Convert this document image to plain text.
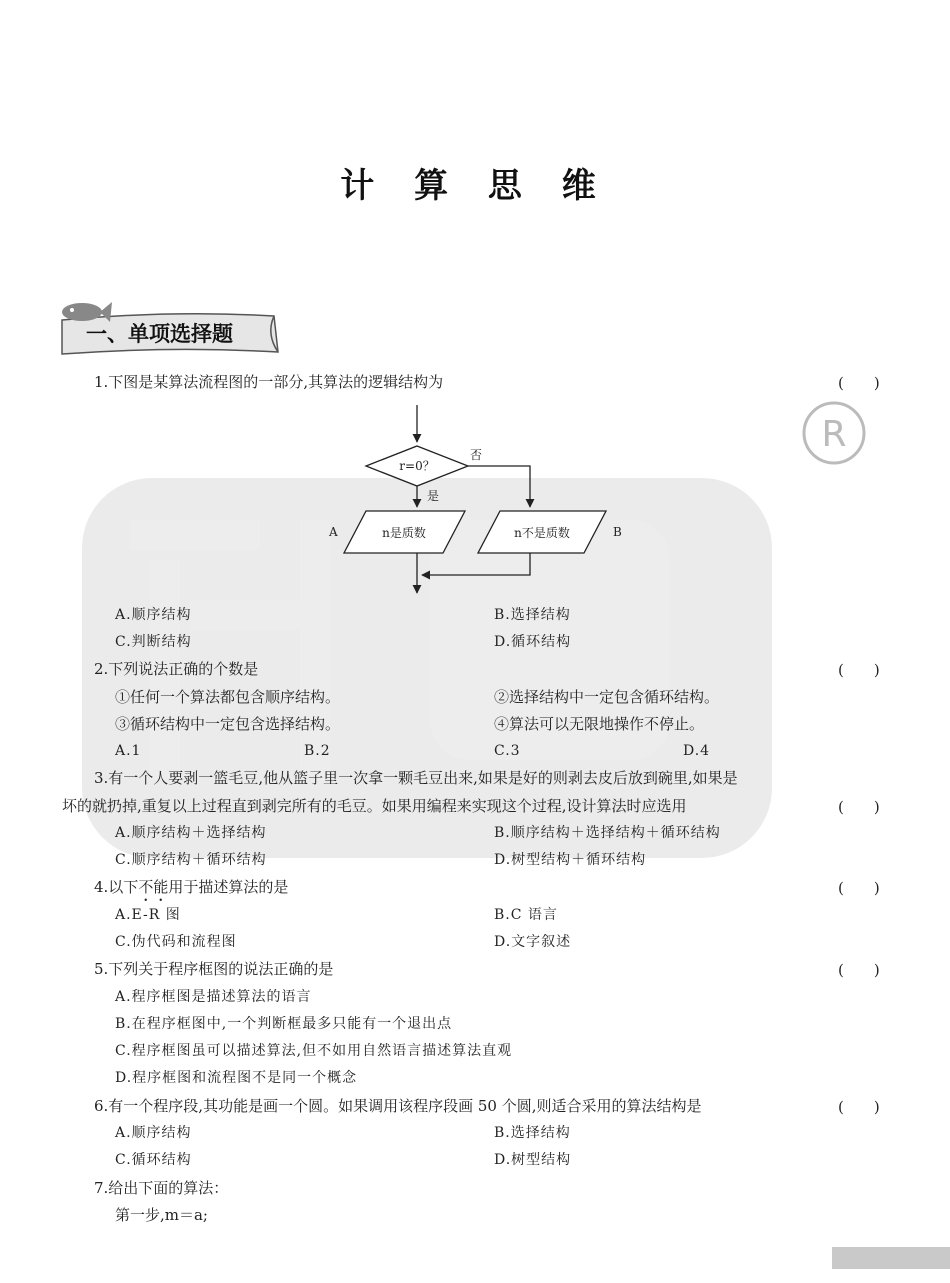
R
计 算 思 维
一、单项选择题
1.下图是某算法流程图的一部分,其算法的逻辑结构为	(　　)
r=0？
否
是
n是质数	n不是质数
A	B
A.顺序结构	B.选择结构
C.判断结构	D.循环结构
2.下列说法正确的个数是	(　　)
①任何一个算法都包含顺序结构。	②选择结构中一定包含循环结构。
③循环结构中一定包含选择结构。	④算法可以无限地操作不停止。
A.1	B.2	C.3	D.4
3.有一个人要剥一篮毛豆,他从篮子里一次拿一颗毛豆出来,如果是好的则剥去皮后放到碗里,如果是
坏的就扔掉,重复以上过程直到剥完所有的毛豆。如果用编程来实现这个过程,设计算法时应选用	(　　)
A.顺序结构＋选择结构	B.顺序结构＋选择结构＋循环结构
C.顺序结构＋循环结构	D.树型结构＋循环结构
4.以下不能用于描述算法的是	(　　)
A.E-R 图	B.C 语言
C.伪代码和流程图	D.文字叙述
5.下列关于程序框图的说法正确的是	(　　)
A.程序框图是描述算法的语言
B.在程序框图中,一个判断框最多只能有一个退出点
C.程序框图虽可以描述算法,但不如用自然语言描述算法直观
D.程序框图和流程图不是同一个概念
6.有一个程序段,其功能是画一个圆。如果调用该程序段画 50 个圆,则适合采用的算法结构是	(　　)
A.顺序结构	B.选择结构
C.循环结构	D.树型结构
7.给出下面的算法：
第一步,m＝a;
